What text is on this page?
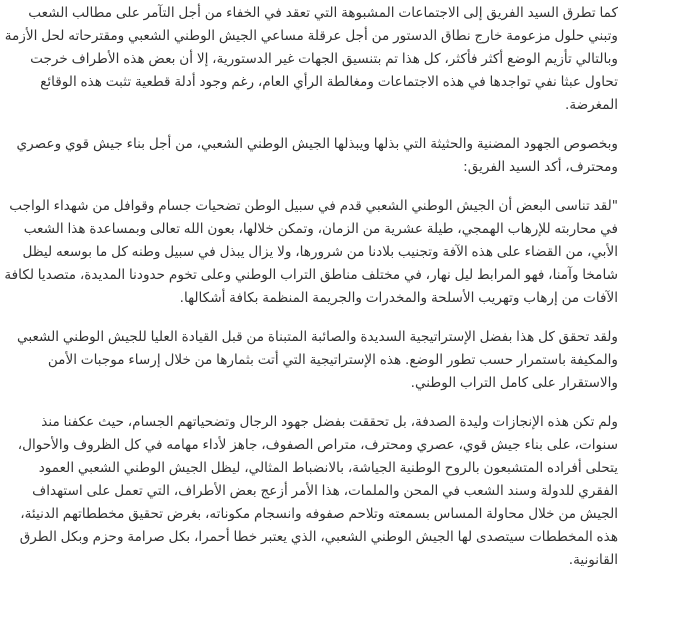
كما تطرق السيد الفريق إلى الاجتماعات المشبوهة التي تعقد في الخفاء من أجل التآمر على مطالب الشعب وتبني حلول مزعومة خارج نطاق الدستور من أجل عرقلة مساعي الجيش الوطني الشعبي ومقترحاته لحل الأزمة وبالتالي تأزيم الوضع أكثر فأكثر، كل هذا تم بتنسيق الجهات غير الدستورية، إلا أن بعض هذه الأطراف خرجت تحاول عبثا نفي تواجدها في هذه الاجتماعات ومغالطة الرأي العام، رغم وجود أدلة قطعية تثبت هذه الوقائع المغرضة.

وبخصوص الجهود المضنية والحثيثة التي بذلها ويبذلها الجيش الوطني الشعبي، من أجل بناء جيش قوي وعصري ومحترف، أكد السيد الفريق:

"لقد تناسى البعض أن الجيش الوطني الشعبي قدم في سبيل الوطن تضحيات جسام وقوافل من شهداء الواجب في محاربته للإرهاب الهمجي، طيلة عشرية من الزمان، وتمكن خلالها، بعون الله تعالى وبمساعدة هذا الشعب الأبي، من القضاء على هذه الآفة وتجنيب بلادنا من شرورها، ولا يزال يبذل في سبيل وطنه كل ما بوسعه ليظل شامخا وآمنا، فهو المرابط ليل نهار، في مختلف مناطق التراب الوطني وعلى تخوم حدودنا المديدة، متصديا لكافة الآفات من إرهاب وتهريب الأسلحة والمخدرات والجريمة المنظمة بكافة أشكالها.

ولقد تحقق كل هذا بفضل الإستراتيجية السديدة والصائبة المتبناة من قبل القيادة العليا للجيش الوطني الشعبي والمكيفة باستمرار حسب تطور الوضع. هذه الإستراتيجية التي أتت بثمارها من خلال إرساء موجبات الأمن والاستقرار على كامل التراب الوطني.

ولم تكن هذه الإنجازات وليدة الصدفة، بل تحققت بفضل جهود الرجال وتضحياتهم الجسام، حيث عكفنا منذ سنوات، على بناء جيش قوي، عصري ومحترف، متراص الصفوف، جاهز لأداء مهامه في كل الظروف والأحوال، يتحلى أفراده المتشبعون بالروح الوطنية الجياشة، بالانضباط المثالي، ليظل الجيش الوطني الشعبي العمود الفقري للدولة وسند الشعب في المحن والملمات، هذا الأمر أزعج بعض الأطراف، التي تعمل على استهداف الجيش من خلال محاولة المساس بسمعته وتلاحم صفوفه وانسجام مكوناته، بغرض تحقيق مخططاتهم الدنيئة، هذه المخططات سيتصدى لها الجيش الوطني الشعبي، الذي يعتبر خطا أحمرا، بكل صرامة وحزم وبكل الطرق القانونية.
